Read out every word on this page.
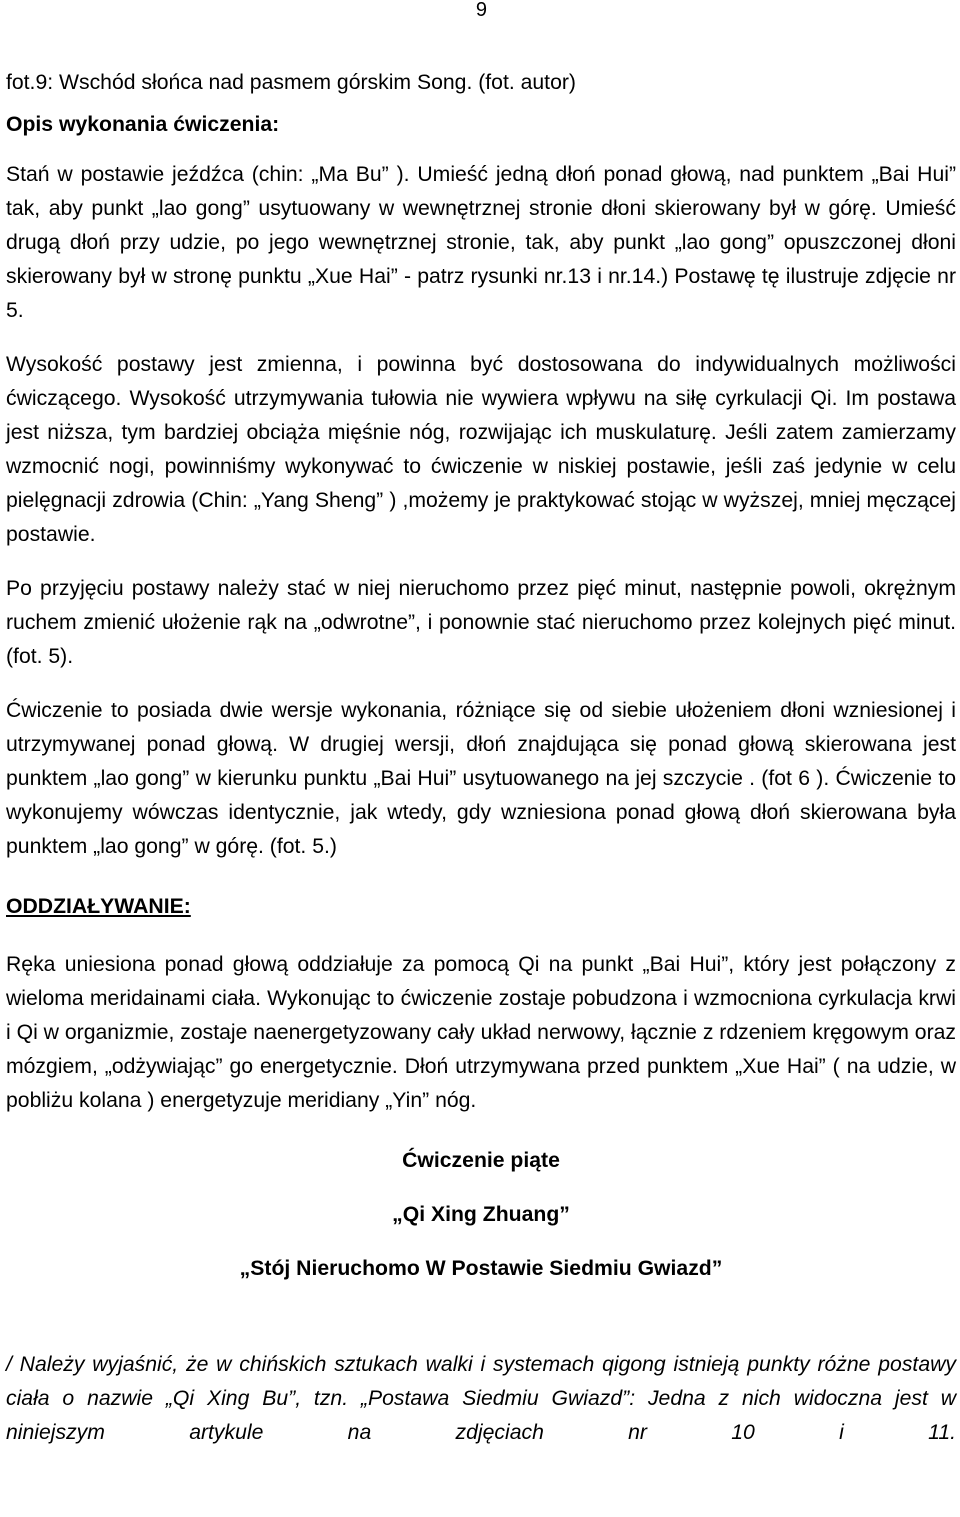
9

fot.9: Wschód słońca nad pasmem górskim Song. (fot. autor)

Opis wykonania ćwiczenia:

Stań w postawie jeźdźca (chin: „Ma Bu” ). Umieść jedną dłoń ponad głową, nad punktem „Bai Hui” tak, aby punkt „lao gong” usytuowany w wewnętrznej stronie dłoni skierowany był w górę. Umieść drugą dłoń przy udzie, po jego wewnętrznej stronie, tak, aby punkt „lao gong” opuszczonej dłoni skierowany był w stronę punktu „Xue Hai” - patrz rysunki nr.13 i nr.14.) Postawę tę ilustruje zdjęcie nr 5.

Wysokość postawy jest zmienna, i powinna być dostosowana do indywidualnych możliwości ćwiczącego. Wysokość utrzymywania tułowia nie wywiera wpływu na siłę cyrkulacji Qi. Im postawa jest niższa, tym bardziej obciąża mięśnie nóg, rozwijając ich muskulaturę. Jeśli zatem zamierzamy wzmocnić nogi, powinniśmy wykonywać to ćwiczenie w niskiej postawie, jeśli zaś jedynie w celu pielęgnacji zdrowia (Chin: „Yang Sheng” ) ,możemy je praktykować stojąc w wyższej, mniej męczącej postawie.

Po przyjęciu postawy należy stać w niej nieruchomo przez pięć minut, następnie powoli, okrężnym ruchem zmienić ułożenie rąk na „odwrotne”, i ponownie stać nieruchomo przez kolejnych pięć minut. (fot. 5).

Ćwiczenie to posiada dwie wersje wykonania, różniące się od siebie ułożeniem dłoni wzniesionej i utrzymywanej ponad głową. W drugiej wersji, dłoń znajdująca się ponad głową skierowana jest punktem „lao gong” w kierunku punktu „Bai Hui” usytuowanego na jej szczycie . (fot 6 ). Ćwiczenie to wykonujemy wówczas identycznie, jak wtedy, gdy wzniesiona ponad głową dłoń skierowana była punktem „lao gong” w górę. (fot. 5.)

ODDZIAŁYWANIE:

Ręka uniesiona ponad głową oddziałuje za pomocą Qi na punkt „Bai Hui”, który jest połączony z wieloma meridainami ciała. Wykonując to ćwiczenie zostaje pobudzona i wzmocniona cyrkulacja krwi i Qi w organizmie, zostaje naenergetyzowany cały układ nerwowy, łącznie z rdzeniem kręgowym oraz mózgiem, „odżywiając” go energetycznie. Dłoń utrzymywana przed punktem „Xue Hai” ( na udzie, w pobliżu kolana ) energetyzuje meridiany „Yin” nóg.

Ćwiczenie piąte

„Qi Xing Zhuang”

„Stój Nieruchomo W Postawie Siedmiu Gwiazd”

/ Należy wyjaśnić, że w chińskich sztukach walki i systemach qigong istnieją punkty różne postawy ciała o nazwie „Qi Xing Bu”, tzn. „Postawa Siedmiu Gwiazd”: Jedna z nich widoczna jest w niniejszym artykule na zdjęciach nr 10 i 11.
